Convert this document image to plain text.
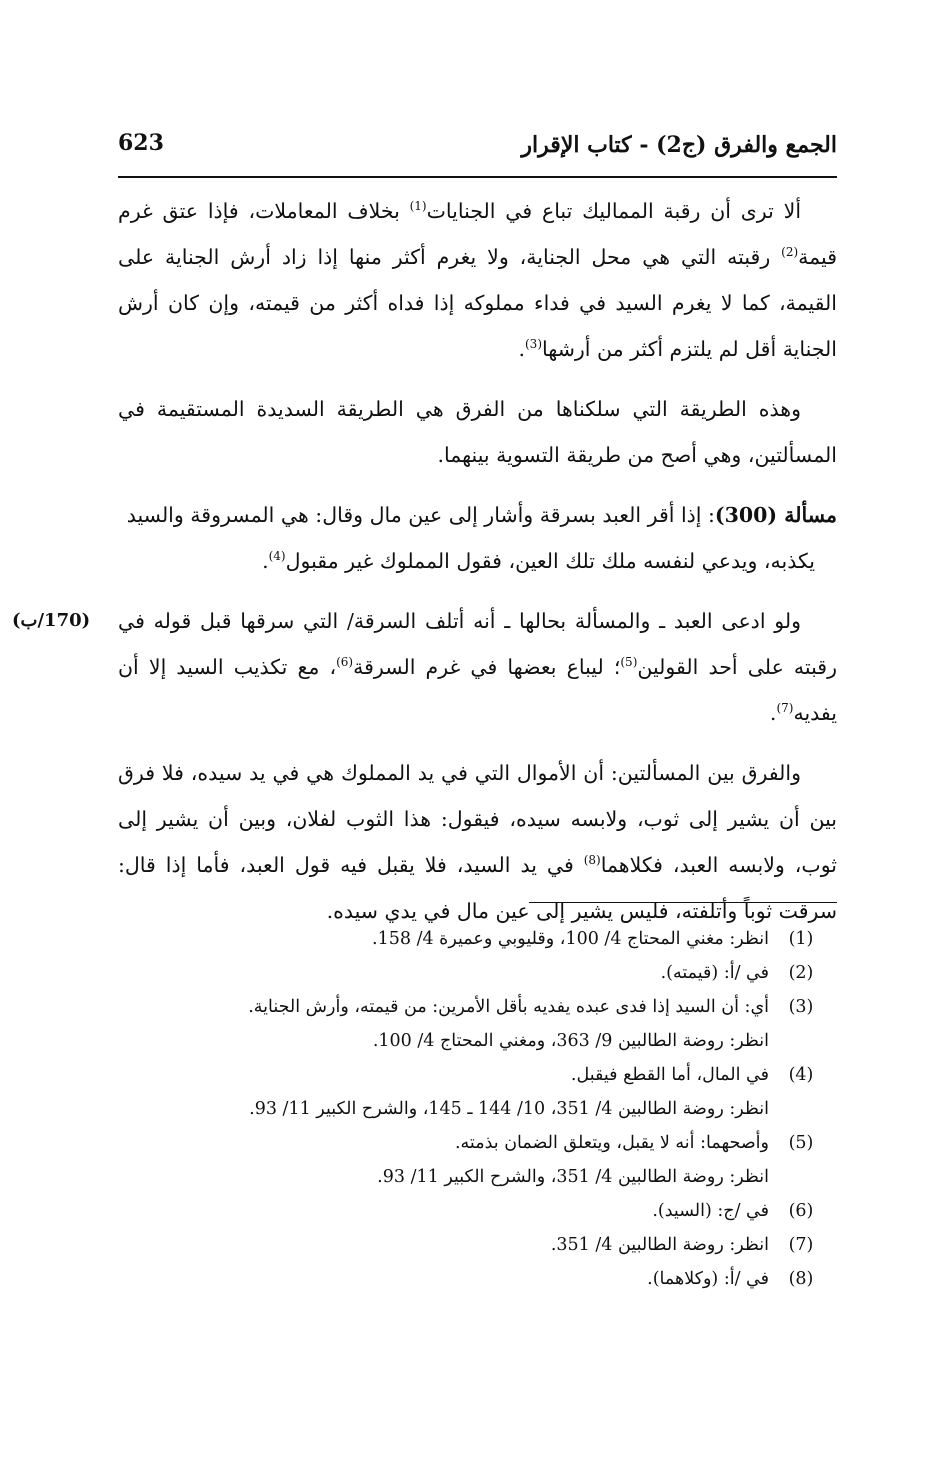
الجمع والفرق (ج2) - كتاب الإقرار
623

ألا ترى أن رقبة المماليك تباع في الجنايات$^{(1)}$ بخلاف المعاملات، فإذا عتق غرم قيمة$^{(2)}$ رقبته التي هي محل الجناية، ولا يغرم أكثر منها إذا زاد أرش الجناية على القيمة، كما لا يغرم السيد في فداء مملوكه إذا فداه أكثر من قيمته، وإن كان أرش الجناية أقل لم يلتزم أكثر من أرشها$^{(3)}$.

وهذه الطريقة التي سلكناها من الفرق هي الطريقة السديدة المستقيمة في المسألتين، وهي أصح من طريقة التسوية بينهما.

مسألة (300): إذا أقر العبد بسرقة وأشار إلى عين مال وقال: هي المسروقة والسيد
يكذبه، ويدعي لنفسه ملك تلك العين، فقول المملوك غير مقبول$^{(4)}$.

(170/ب)	ولو ادعى العبد ـ والمسألة بحالها ـ أنه أتلف السرقة/ التي سرقها قبل قوله في رقبته على أحد القولين$^{(5)}$؛ ليباع بعضها في غرم السرقة$^{(6)}$، مع تكذيب السيد إلا أن يفديه$^{(7)}$.

والفرق بين المسألتين: أن الأموال التي في يد المملوك هي في يد سيده، فلا فرق بين أن يشير إلى ثوب، ولابسه سيده، فيقول: هذا الثوب لفلان، وبين أن يشير إلى ثوب، ولابسه العبد، فكلاهما$^{(8)}$ في يد السيد، فلا يقبل فيه قول العبد، فأما إذا قال: سرقت ثوباً وأتلفته، فليس يشير إلى عين مال في يدي سيده.

(1)
انظر: مغني المحتاج 4/ 100، وقليوبي وعميرة 4/ 158.
(2)
في /أ: (قيمته).
(3)
أي: أن السيد إذا فدى عبده يفديه بأقل الأمرين: من قيمته، وأرش الجناية.
انظر: روضة الطالبين 9/ 363، ومغني المحتاج 4/ 100.
(4)
في المال، أما القطع فيقبل.
انظر: روضة الطالبين 4/ 351، 10/ 144 ـ 145، والشرح الكبير 11/ 93.
(5)
وأصحهما: أنه لا يقبل، ويتعلق الضمان بذمته.
انظر: روضة الطالبين 4/ 351، والشرح الكبير 11/ 93.
(6)
في /ج: (السيد).
(7)
انظر: روضة الطالبين 4/ 351.
(8)
في /أ: (وكلاهما).
